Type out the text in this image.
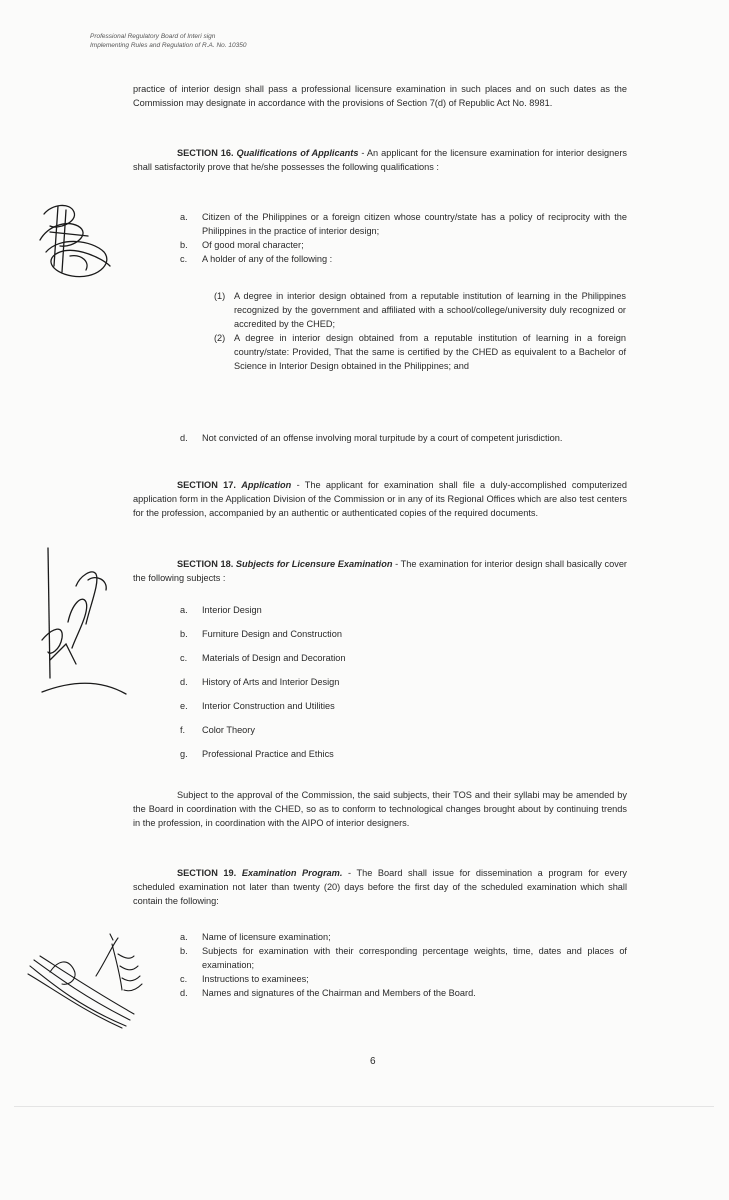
Professional Regulatory Board of Interi sign
Implementing Rules and Regulation of R.A. No. 10350
practice of interior design shall pass a professional licensure examination in such places and on such dates as the Commission may designate in accordance with the provisions of Section 7(d) of Republic Act No. 8981.
SECTION 16. Qualifications of Applicants - An applicant for the licensure examination for interior designers shall satisfactorily prove that he/she possesses the following qualifications :
a.	Citizen of the Philippines or a foreign citizen whose country/state has a policy of reciprocity with the Philippines in the practice of interior design;
b.	Of good moral character;
c.	A holder of any of the following :
(1) A degree in interior design obtained from a reputable institution of learning in the Philippines recognized by the government and affiliated with a school/college/university duly recognized or accredited by the CHED;
(2) A degree in interior design obtained from a reputable institution of learning in a foreign country/state: Provided, That the same is certified by the CHED as equivalent to a Bachelor of Science in Interior Design obtained in the Philippines; and
d.	Not convicted of an offense involving moral turpitude by a court of competent jurisdiction.
SECTION 17. Application - The applicant for examination shall file a duly-accomplished computerized application form in the Application Division of the Commission or in any of its Regional Offices which are also test centers for the profession, accompanied by an authentic or authenticated copies of the required documents.
SECTION 18. Subjects for Licensure Examination - The examination for interior design shall basically cover the following subjects :
a.	Interior Design
b.	Furniture Design and Construction
c.	Materials of Design and Decoration
d.	History of Arts and Interior Design
e.	Interior Construction and Utilities
f.	Color Theory
g.	Professional Practice and Ethics
Subject to the approval of the Commission, the said subjects, their TOS and their syllabi may be amended by the Board in coordination with the CHED, so as to conform to technological changes brought about by continuing trends in the profession, in coordination with the AIPO of interior designers.
SECTION 19. Examination Program. - The Board shall issue for dissemination a program for every scheduled examination not later than twenty (20) days before the first day of the scheduled examination which shall contain the following:
a.	Name of licensure examination;
b.	Subjects for examination with their corresponding percentage weights, time, dates and places of examination;
c.	Instructions to examinees;
d.	Names and signatures of the Chairman and Members of the Board.
6
